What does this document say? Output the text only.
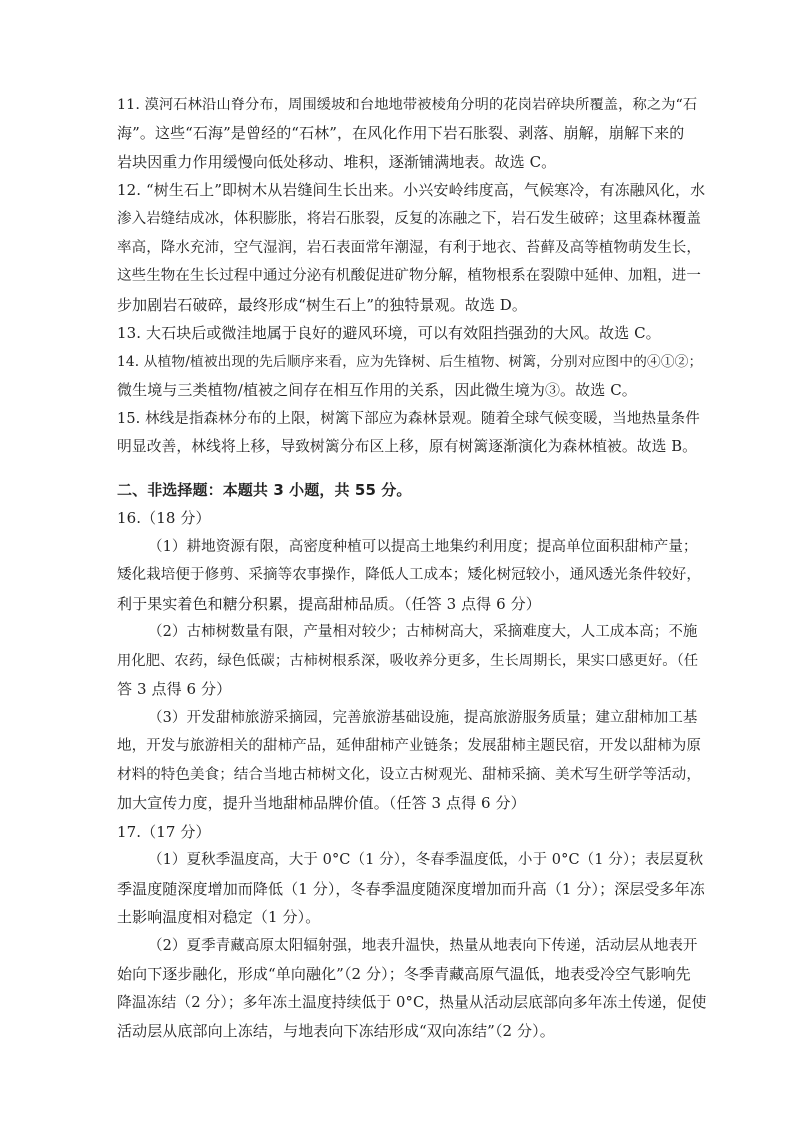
11. 漠河石林沿山脊分布，周围缓坡和台地地带被棱角分明的花岗岩碎块所覆盖，称之为“石
海”。这些“石海”是曾经的“石林”，在风化作用下岩石胀裂、剥落、崩解，崩解下来的
岩块因重力作用缓慢向低处移动、堆积，逐渐铺满地表。故选 C。
12. “树生石上”即树木从岩缝间生长出来。小兴安岭纬度高，气候寒冷，有冻融风化，水
渗入岩缝结成冰，体积膨胀，将岩石胀裂，反复的冻融之下，岩石发生破碎；这里森林覆盖
率高，降水充沛，空气湿润，岩石表面常年潮湿，有利于地衣、苔藓及高等植物萌发生长，
这些生物在生长过程中通过分泌有机酸促进矿物分解，植物根系在裂隙中延伸、加粗，进一
步加剧岩石破碎，最终形成“树生石上”的独特景观。故选 D。
13. 大石块后或微洼地属于良好的避风环境，可以有效阻挡强劲的大风。故选 C。
14. 从植物/植被出现的先后顺序来看，应为先锋树、后生植物、树篱，分别对应图中的④①②；
微生境与三类植物/植被之间存在相互作用的关系，因此微生境为③。故选 C。
15. 林线是指森林分布的上限，树篱下部应为森林景观。随着全球气候变暖，当地热量条件
明显改善，林线将上移，导致树篱分布区上移，原有树篱逐渐演化为森林植被。故选 B。
二、非选择题：本题共 3 小题，共 55 分。
16.（18 分）
（1）耕地资源有限，高密度种植可以提高土地集约利用度；提高单位面积甜柿产量；
矮化栽培便于修剪、采摘等农事操作，降低人工成本；矮化树冠较小，通风透光条件较好，
利于果实着色和糖分积累，提高甜柿品质。（任答 3 点得 6 分）
（2）古柿树数量有限，产量相对较少；古柿树高大，采摘难度大，人工成本高；不施
用化肥、农药，绿色低碳；古柿树根系深，吸收养分更多，生长周期长，果实口感更好。（任
答 3 点得 6 分）
（3）开发甜柿旅游采摘园，完善旅游基础设施，提高旅游服务质量；建立甜柿加工基
地，开发与旅游相关的甜柿产品，延伸甜柿产业链条；发展甜柿主题民宿，开发以甜柿为原
材料的特色美食；结合当地古柿树文化，设立古树观光、甜柿采摘、美术写生研学等活动，
加大宣传力度，提升当地甜柿品牌价值。（任答 3 点得 6 分）
17.（17 分）
（1）夏秋季温度高，大于 0°C（1 分），冬春季温度低，小于 0°C（1 分）；表层夏秋
季温度随深度增加而降低（1 分），冬春季温度随深度增加而升高（1 分）；深层受多年冻
土影响温度相对稳定（1 分）。
（2）夏季青藏高原太阳辐射强，地表升温快，热量从地表向下传递，活动层从地表开
始向下逐步融化，形成“单向融化”（2 分）；冬季青藏高原气温低，地表受冷空气影响先
降温冻结（2 分）；多年冻土温度持续低于 0°C，热量从活动层底部向多年冻土传递，促使
活动层从底部向上冻结，与地表向下冻结形成“双向冻结”（2 分）。
